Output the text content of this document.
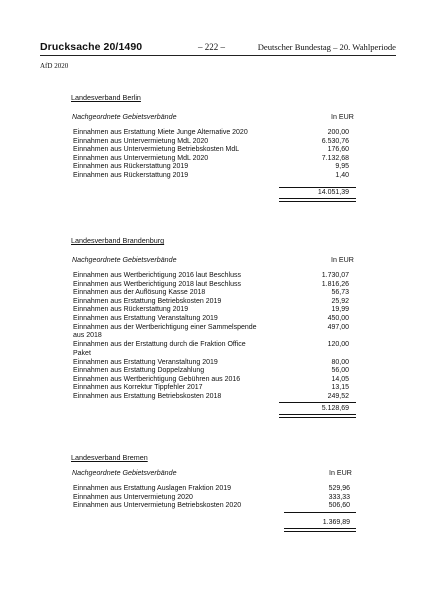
Drucksache 20/1490	– 222 –	Deutscher Bundestag – 20. Wahlperiode
AfD 2020
Landesverband Berlin
Nachgeordnete Gebietsverbände	In EUR
Einnahmen aus Erstattung Miete Junge Alternative 2020	200,00
Einnahmen aus Untervermietung MdL 2020	6.530,76
Einnahmen aus Untervermietung Betriebskosten MdL	176,60
Einnahmen aus Untervermietung MdL 2020	7.132,68
Einnahmen aus Rückerstattung 2019	9,95
Einnahmen aus Rückerstattung 2019	1,40
14.051,39
Landesverband Brandenburg
Nachgeordnete Gebietsverbände	In EUR
Einnahmen aus Wertberichtigung 2016 laut Beschluss	1.730,07
Einnahmen aus Wertberichtigung 2018 laut Beschluss	1.816,26
Einnahmen aus der Auflösung Kasse 2018	56,73
Einnahmen aus Erstattung Betriebskosten 2019	25,92
Einnahmen aus Rückerstattung 2019	19,99
Einnahmen aus Erstattung Veranstaltung 2019	450,00
Einnahmen aus der Wertberichtigung einer Sammelspende aus 2018
497,00
Einnahmen aus der Erstattung durch die Fraktion Office Paket
120,00
Einnahmen aus Erstattung Veranstaltung 2019	80,00
Einnahmen aus Erstattung Doppelzahlung	56,00
Einnahmen aus Wertberichtigung Gebühren aus 2016	14,05
Einnahmen aus Korrektur Tippfehler 2017	13,15
Einnahmen aus Erstattung Betriebskosten 2018	249,52
5.128,69
Landesverband Bremen
Nachgeordnete Gebietsverbände	In EUR
Einnahmen aus Erstattung Auslagen Fraktion 2019	529,96
Einnahmen aus Untervermietung 2020	333,33
Einnahmen aus Untervermietung Betriebskosten 2020	506,60
1.369,89
